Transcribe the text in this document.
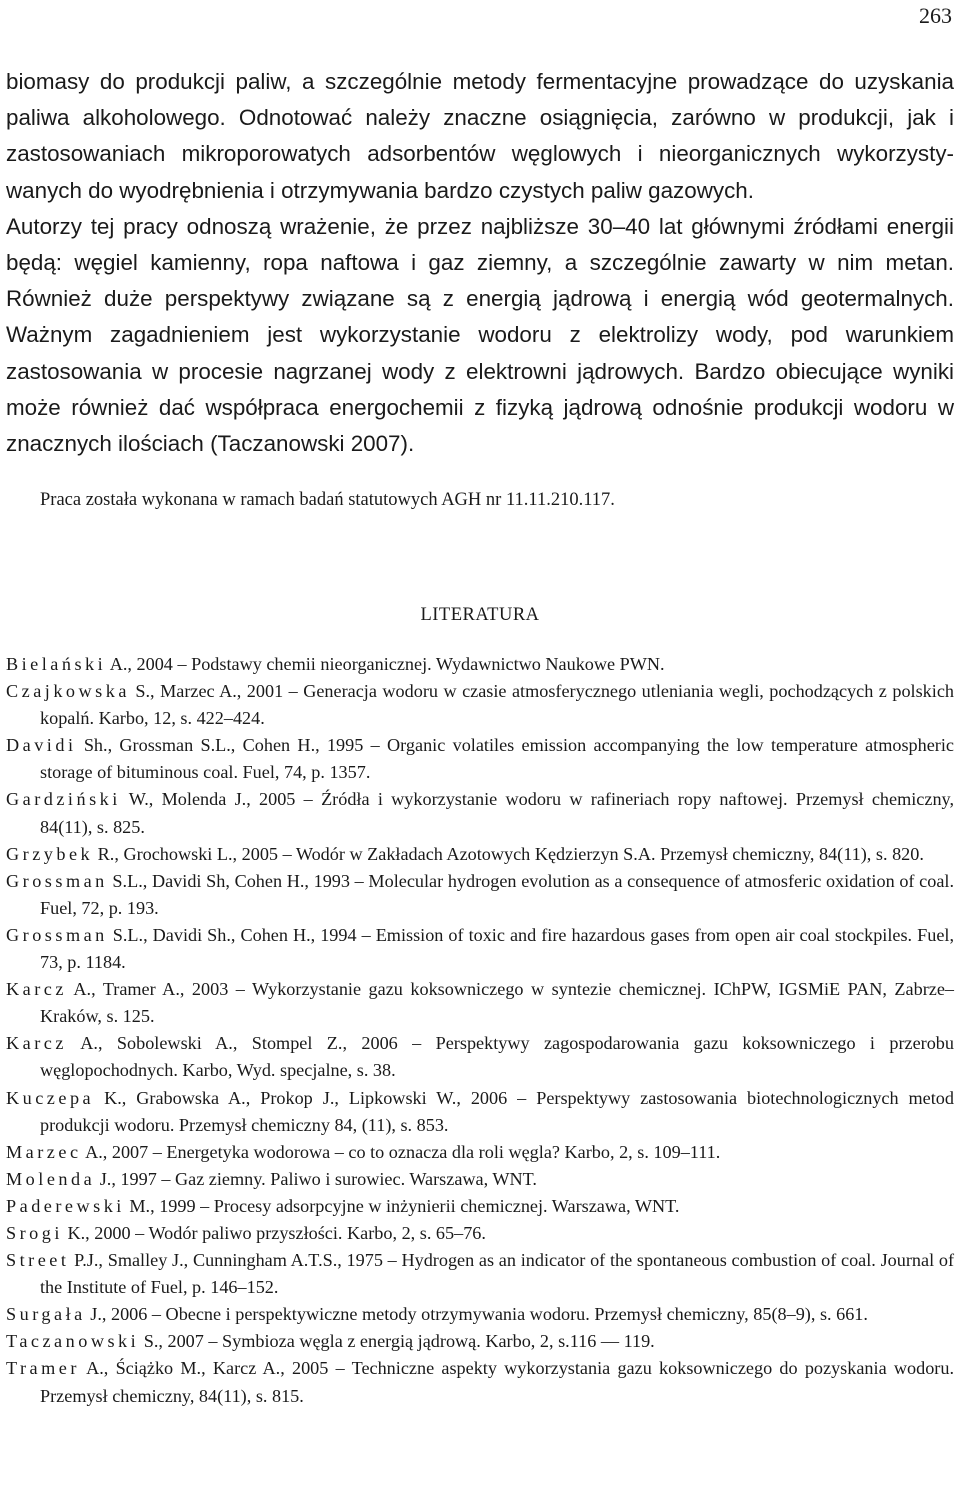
263

biomasy do produkcji paliw, a szczególnie metody fermentacyjne prowadzące do uzyskania paliwa alkoholowego. Odnotować należy znaczne osiągnięcia, zarówno w produkcji, jak i zastosowaniach mikroporowatych adsorbentów węglowych i nieorganicznych wykorzystywanych do wyodrębnienia i otrzymywania bardzo czystych paliw gazowych.

Autorzy tej pracy odnoszą wrażenie, że przez najbliższe 30–40 lat głównymi źródłami energii będą: węgiel kamienny, ropa naftowa i gaz ziemny, a szczególnie zawarty w nim metan. Również duże perspektywy związane są z energią jądrową i energią wód geotermalnych. Ważnym zagadnieniem jest wykorzystanie wodoru z elektrolizy wody, pod warunkiem zastosowania w procesie nagrzanej wody z elektrowni jądrowych. Bardzo obiecujące wyniki może również dać współpraca energochemii z fizyką jądrową odnośnie produkcji wodoru w znacznych ilościach (Taczanowski 2007).

Praca została wykonana w ramach badań statutowych AGH nr 11.11.210.117.
LITERATURA
Bielański A., 2004 – Podstawy chemii nieorganicznej. Wydawnictwo Naukowe PWN.
Czajkowska S., Marzec A., 2001 – Generacja wodoru w czasie atmosferycznego utleniania wegli, pochodzących z polskich kopalń. Karbo, 12, s. 422–424.
Davidi Sh., Grossman S.L., Cohen H., 1995 – Organic volatiles emission accompanying the low temperature atmospheric storage of bituminous coal. Fuel, 74, p. 1357.
Gardziński W., Molenda J., 2005 – Źródła i wykorzystanie wodoru w rafineriach ropy naftowej. Przemysł chemiczny, 84(11), s. 825.
Grzybek R., Grochowski L., 2005 – Wodór w Zakładach Azotowych Kędzierzyn S.A. Przemysł chemiczny, 84(11), s. 820.
Grossman S.L., Davidi Sh, Cohen H., 1993 – Molecular hydrogen evolution as a consequence of atmosferic oxidation of coal. Fuel, 72, p. 193.
Grossman S.L., Davidi Sh., Cohen H., 1994 – Emission of toxic and fire hazardous gases from open air coal stockpiles. Fuel, 73, p. 1184.
Karcz A., Tramer A., 2003 – Wykorzystanie gazu koksowniczego w syntezie chemicznej. IChPW, IGSMiE PAN, Zabrze–Kraków, s. 125.
Karcz A., Sobolewski A., Stompel Z., 2006 – Perspektywy zagospodarowania gazu koksowniczego i przerobu węglopochodnych. Karbo, Wyd. specjalne, s. 38.
Kuczepa K., Grabowska A., Prokop J., Lipkowski W., 2006 – Perspektywy zastosowania biotechnologicznych metod produkcji wodoru. Przemysł chemiczny 84, (11), s. 853.
Marzec A., 2007 – Energetyka wodorowa – co to oznacza dla roli węgla? Karbo, 2, s. 109–111.
Molenda J., 1997 – Gaz ziemny. Paliwo i surowiec. Warszawa, WNT.
Paderewski M., 1999 – Procesy adsorpcyjne w inżynierii chemicznej. Warszawa, WNT.
Srogi K., 2000 – Wodór paliwo przyszłości. Karbo, 2, s. 65–76.
Street P.J., Smalley J., Cunningham A.T.S., 1975 – Hydrogen as an indicator of the spontaneous combustion of coal. Journal of the Institute of Fuel, p. 146–152.
Surgała J., 2006 – Obecne i perspektywiczne metody otrzymywania wodoru. Przemysł chemiczny, 85(8–9), s. 661.
Taczanowski S., 2007 – Symbioza węgla z energią jądrową. Karbo, 2, s.116 — 119.
Tramer A., Ściążko M., Karcz A., 2005 – Techniczne aspekty wykorzystania gazu koksowniczego do pozyskania wodoru. Przemysł chemiczny, 84(11), s. 815.
